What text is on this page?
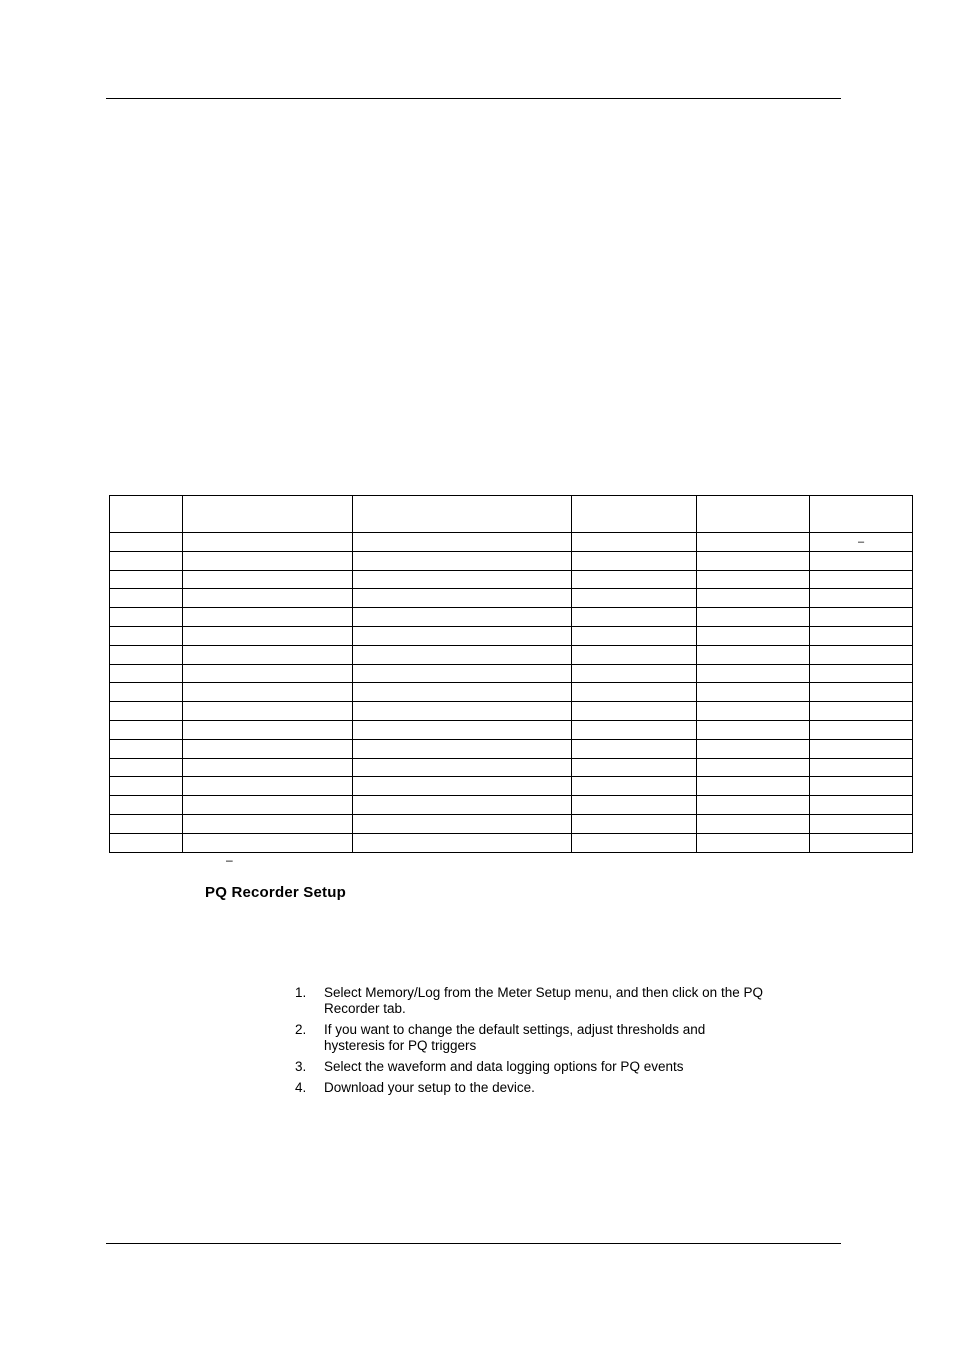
					–

–
PQ Recorder Setup
1.	Select Memory/Log from the Meter Setup menu, and then click on the PQ Recorder tab.
2.	If you want to change the default settings, adjust thresholds and hysteresis for PQ triggers
3.	Select the waveform and data logging options for PQ events
4.	Download your setup to the device.
